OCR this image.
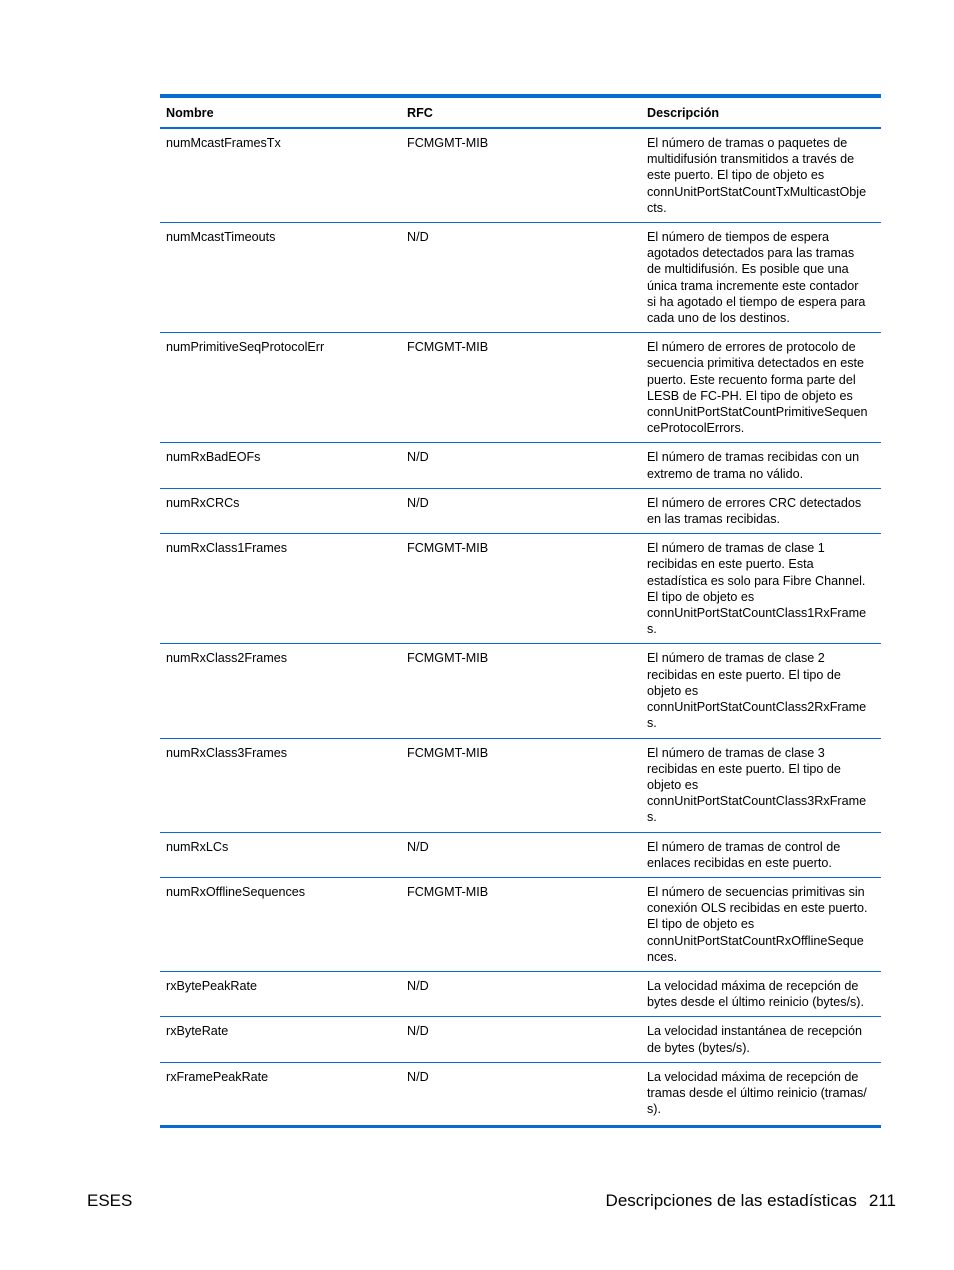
Nombre	RFC	Descripción
numMcastFramesTx	FCMGMT-MIB	El número de tramas o paquetes de
multidifusión transmitidos a través de
este puerto. El tipo de objeto es
connUnitPortStatCountTxMulticastObje
cts.
numMcastTimeouts	N/D	El número de tiempos de espera
agotados detectados para las tramas
de multidifusión. Es posible que una
única trama incremente este contador
si ha agotado el tiempo de espera para
cada uno de los destinos.
numPrimitiveSeqProtocolErr	FCMGMT-MIB	El número de errores de protocolo de
secuencia primitiva detectados en este
puerto. Este recuento forma parte del
LESB de FC-PH. El tipo de objeto es
connUnitPortStatCountPrimitiveSequen
ceProtocolErrors.
numRxBadEOFs	N/D	El número de tramas recibidas con un
extremo de trama no válido.
numRxCRCs	N/D	El número de errores CRC detectados
en las tramas recibidas.
numRxClass1Frames	FCMGMT-MIB	El número de tramas de clase 1
recibidas en este puerto. Esta
estadística es solo para Fibre Channel.
El tipo de objeto es
connUnitPortStatCountClass1RxFrame
s.
numRxClass2Frames	FCMGMT-MIB	El número de tramas de clase 2
recibidas en este puerto. El tipo de
objeto es
connUnitPortStatCountClass2RxFrame
s.
numRxClass3Frames	FCMGMT-MIB	El número de tramas de clase 3
recibidas en este puerto. El tipo de
objeto es
connUnitPortStatCountClass3RxFrame
s.
numRxLCs	N/D	El número de tramas de control de
enlaces recibidas en este puerto.
numRxOfflineSequences	FCMGMT-MIB	El número de secuencias primitivas sin
conexión OLS recibidas en este puerto.
El tipo de objeto es
connUnitPortStatCountRxOfflineSeque
nces.
rxBytePeakRate	N/D	La velocidad máxima de recepción de
bytes desde el último reinicio (bytes/s).
rxByteRate	N/D	La velocidad instantánea de recepción
de bytes (bytes/s).
rxFramePeakRate	N/D	La velocidad máxima de recepción de
tramas desde el último reinicio (tramas/
s).
ESES	Descripciones de las estadísticas 211
